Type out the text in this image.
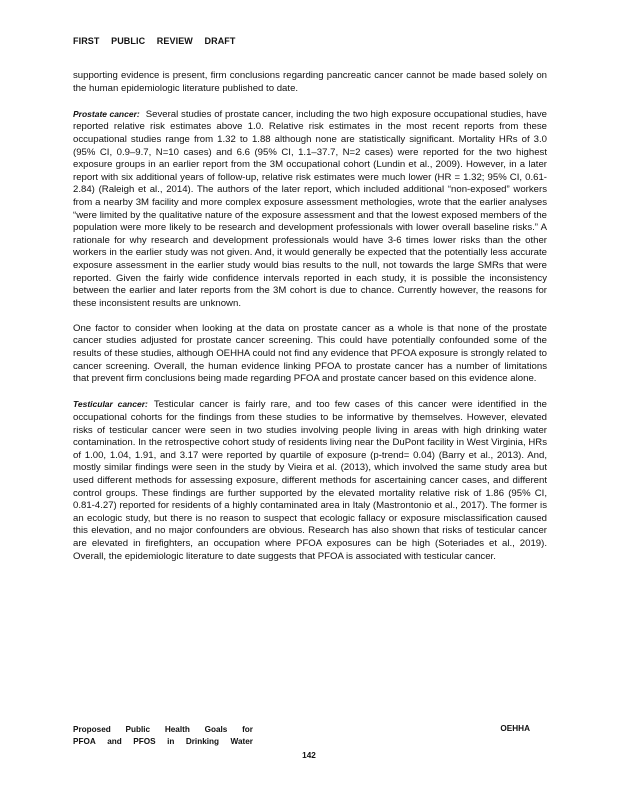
FIRST PUBLIC REVIEW DRAFT

supporting evidence is present, firm conclusions regarding pancreatic cancer cannot be made based solely on the human epidemiologic literature published to date.

Prostate cancer: Several studies of prostate cancer, including the two high exposure occupational studies, have reported relative risk estimates above 1.0. Relative risk estimates in the most recent reports from these occupational studies range from 1.32 to 1.88 although none are statistically significant. Mortality HRs of 3.0 (95% CI, 0.9–9.7, N=10 cases) and 6.6 (95% CI, 1.1–37.7, N=2 cases) were reported for the two highest exposure groups in an earlier report from the 3M occupational cohort (Lundin et al., 2009). However, in a later report with six additional years of follow-up, relative risk estimates were much lower (HR = 1.32; 95% CI, 0.61-2.84) (Raleigh et al., 2014). The authors of the later report, which included additional “non-exposed” workers from a nearby 3M facility and more complex exposure assessment methologies, wrote that the earlier analyses “were limited by the qualitative nature of the exposure assessment and that the lowest exposed members of the population were more likely to be research and development professionals with lower overall baseline risks.” A rationale for why research and development professionals would have 3-6 times lower risks than the other workers in the earlier study was not given. And, it would generally be expected that the potentially less accurate exposure assessment in the earlier study would bias results to the null, not towards the large SMRs that were reported. Given the fairly wide confidence intervals reported in each study, it is possible the inconsistency between the earlier and later reports from the 3M cohort is due to chance. Currently however, the reasons for these inconsistent results are unknown.

One factor to consider when looking at the data on prostate cancer as a whole is that none of the prostate cancer studies adjusted for prostate cancer screening. This could have potentially confounded some of the results of these studies, although OEHHA could not find any evidence that PFOA exposure is strongly related to cancer screening. Overall, the human evidence linking PFOA to prostate cancer has a number of limitations that prevent firm conclusions being made regarding PFOA and prostate cancer based on this evidence alone.

Testicular cancer: Testicular cancer is fairly rare, and too few cases of this cancer were identified in the occupational cohorts for the findings from these studies to be informative by themselves. However, elevated risks of testicular cancer were seen in two studies involving people living in areas with high drinking water contamination. In the retrospective cohort study of residents living near the DuPont facility in West Virginia, HRs of 1.00, 1.04, 1.91, and 3.17 were reported by quartile of exposure (p-trend= 0.04) (Barry et al., 2013). And, mostly similar findings were seen in the study by Vieira et al. (2013), which involved the same study area but used different methods for assessing exposure, different methods for ascertaining cancer cases, and different control groups. These findings are further supported by the elevated mortality relative risk of 1.86 (95% CI, 0.81-4.27) reported for residents of a highly contaminated area in Italy (Mastrontonio et al., 2017). The former is an ecologic study, but there is no reason to suspect that ecologic fallacy or exposure misclassification caused this elevation, and no major confounders are obvious. Research has also shown that risks of testicular cancer are elevated in firefighters, an occupation where PFOA exposures can be high (Soteriades et al., 2019). Overall, the epidemiologic literature to date suggests that PFOA is associated with testicular cancer.

Proposed Public Health Goals for
PFOA and PFOS in Drinking Water
OEHHA
142
